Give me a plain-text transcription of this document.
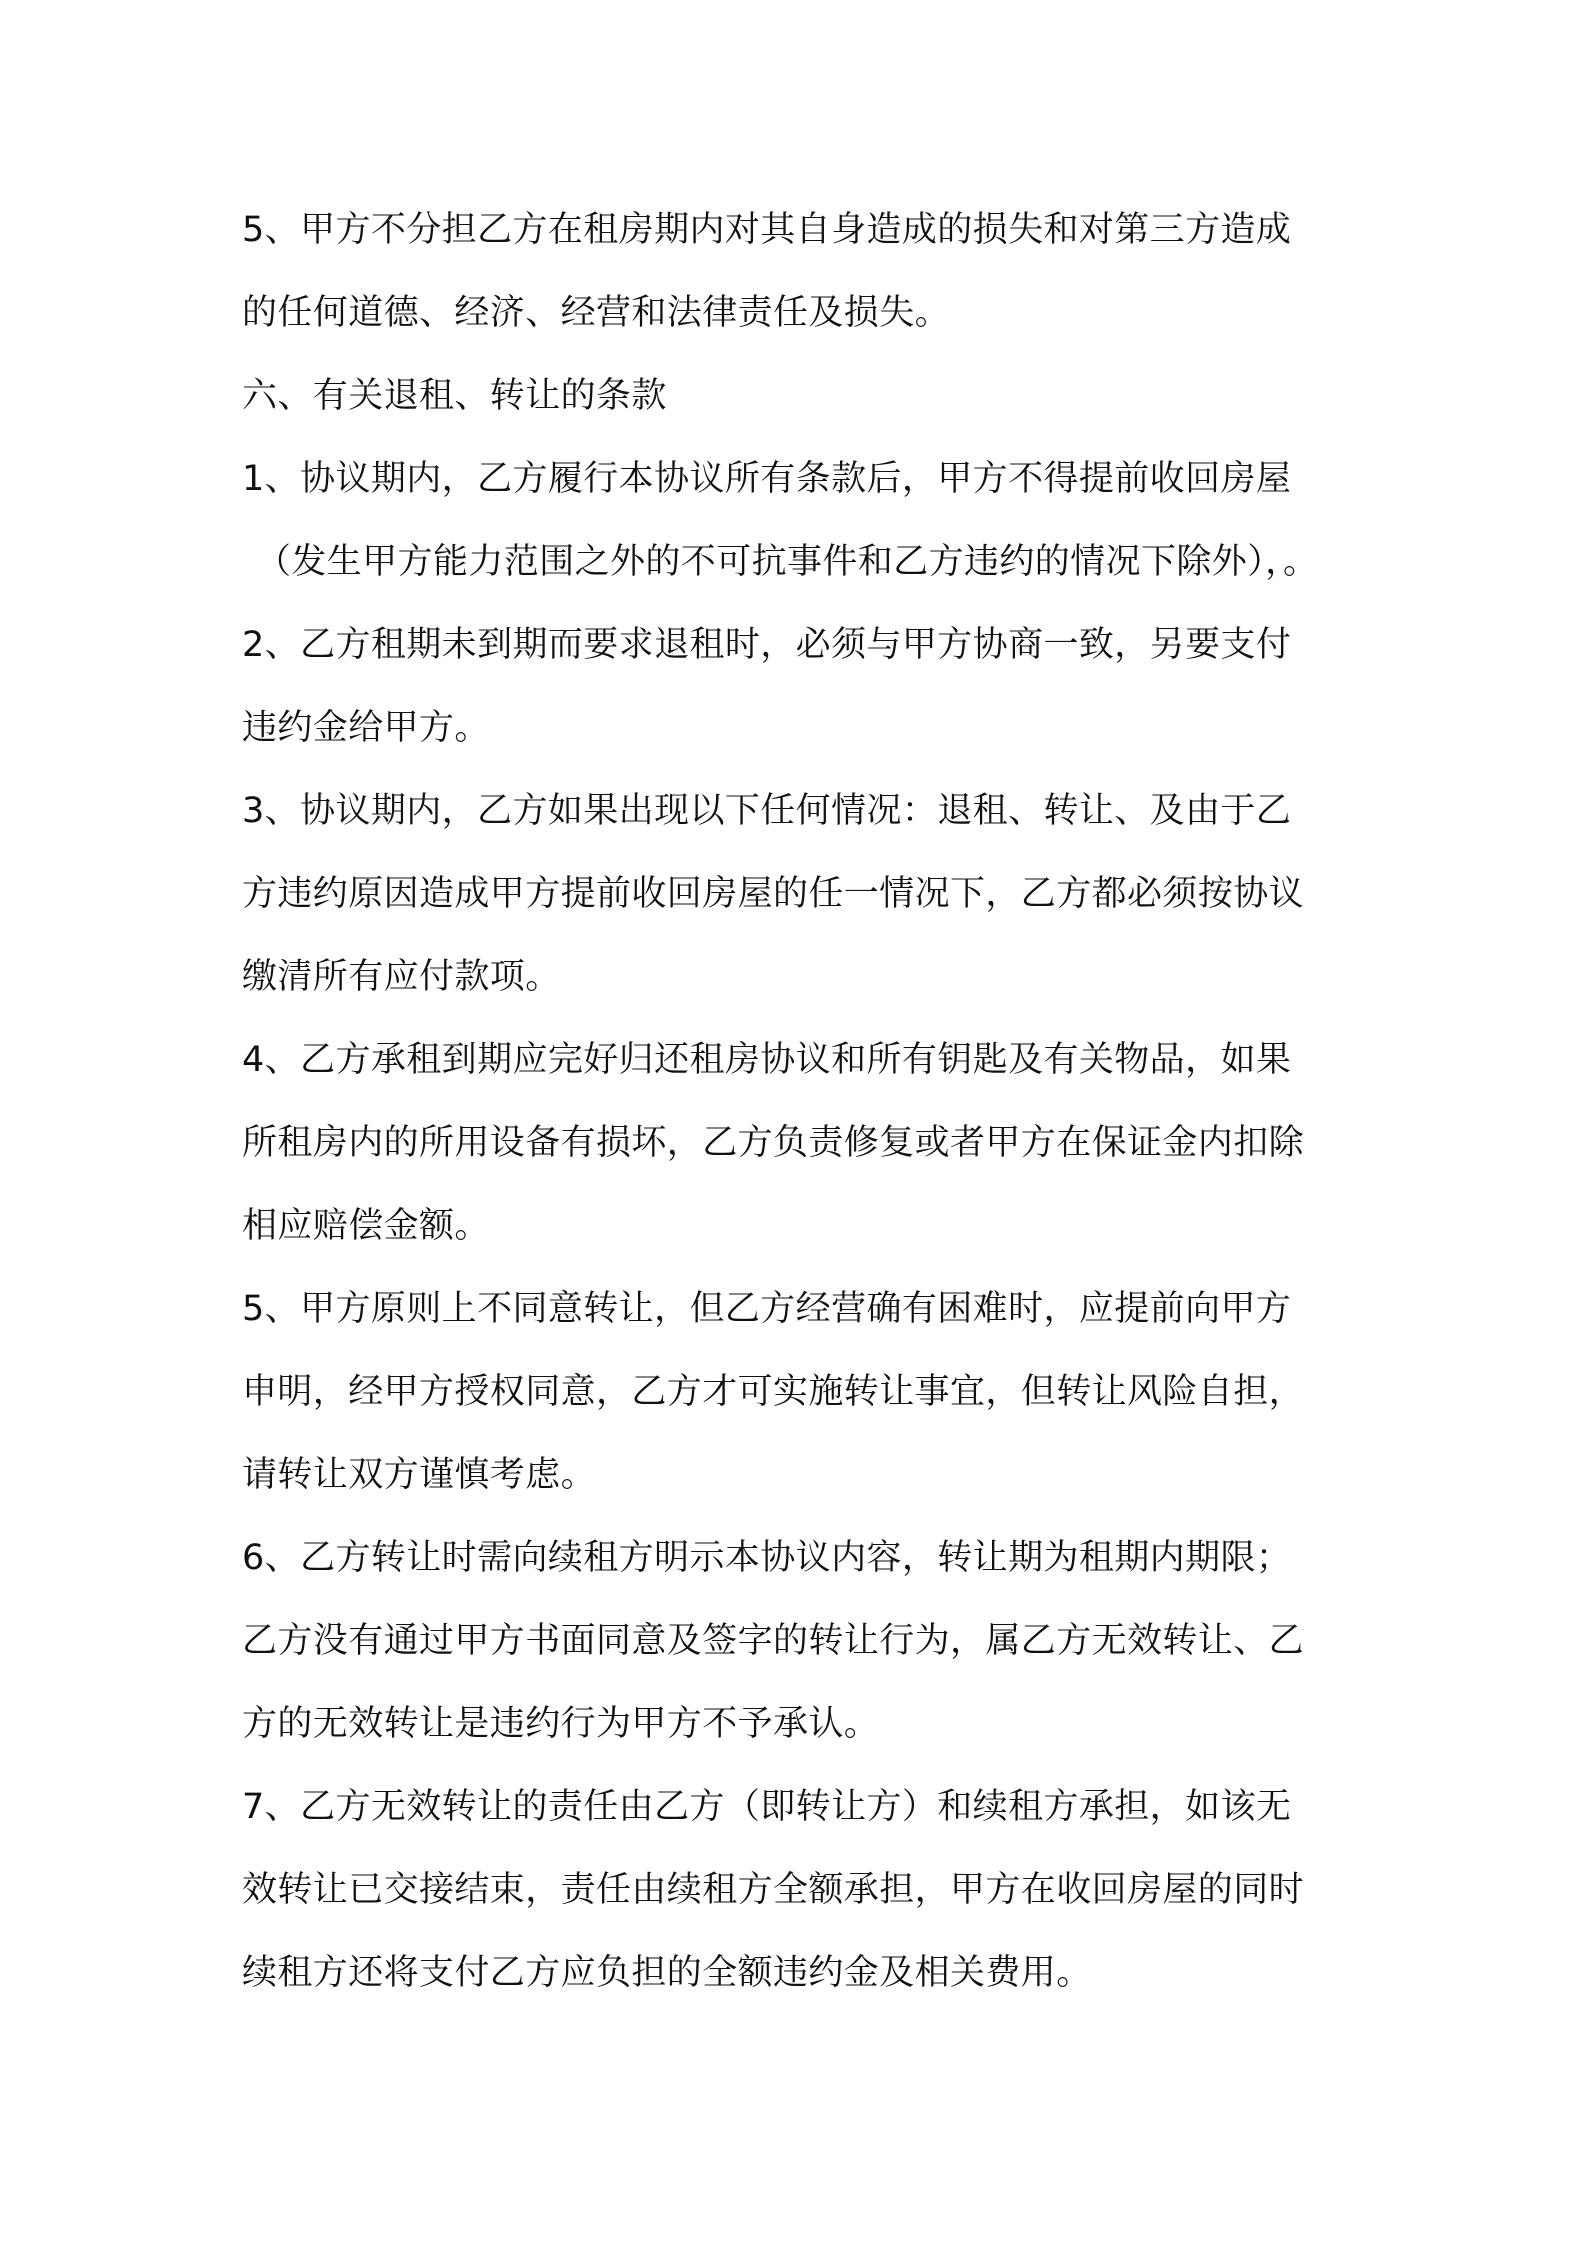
5、甲方不分担乙方在租房期内对其自身造成的损失和对第三方造成
的任何道德、经济、经营和法律责任及损失。
六、有关退租、转让的条款
1、协议期内，乙方履行本协议所有条款后，甲方不得提前收回房屋
（发生甲方能力范围之外的不可抗事件和乙方违约的情况下除外），。
2、乙方租期未到期而要求退租时，必须与甲方协商一致，另要支付
违约金给甲方。
3、协议期内，乙方如果出现以下任何情况：退租、转让、及由于乙
方违约原因造成甲方提前收回房屋的任一情况下，乙方都必须按协议
缴清所有应付款项。
4、乙方承租到期应完好归还租房协议和所有钥匙及有关物品，如果
所租房内的所用设备有损坏，乙方负责修复或者甲方在保证金内扣除
相应赔偿金额。
5、甲方原则上不同意转让，但乙方经营确有困难时，应提前向甲方
申明，经甲方授权同意，乙方才可实施转让事宜，但转让风险自担，
请转让双方谨慎考虑。
6、乙方转让时需向续租方明示本协议内容，转让期为租期内期限；
乙方没有通过甲方书面同意及签字的转让行为，属乙方无效转让、乙
方的无效转让是违约行为甲方不予承认。
7、乙方无效转让的责任由乙方（即转让方）和续租方承担，如该无
效转让已交接结束，责任由续租方全额承担，甲方在收回房屋的同时
续租方还将支付乙方应负担的全额违约金及相关费用。
